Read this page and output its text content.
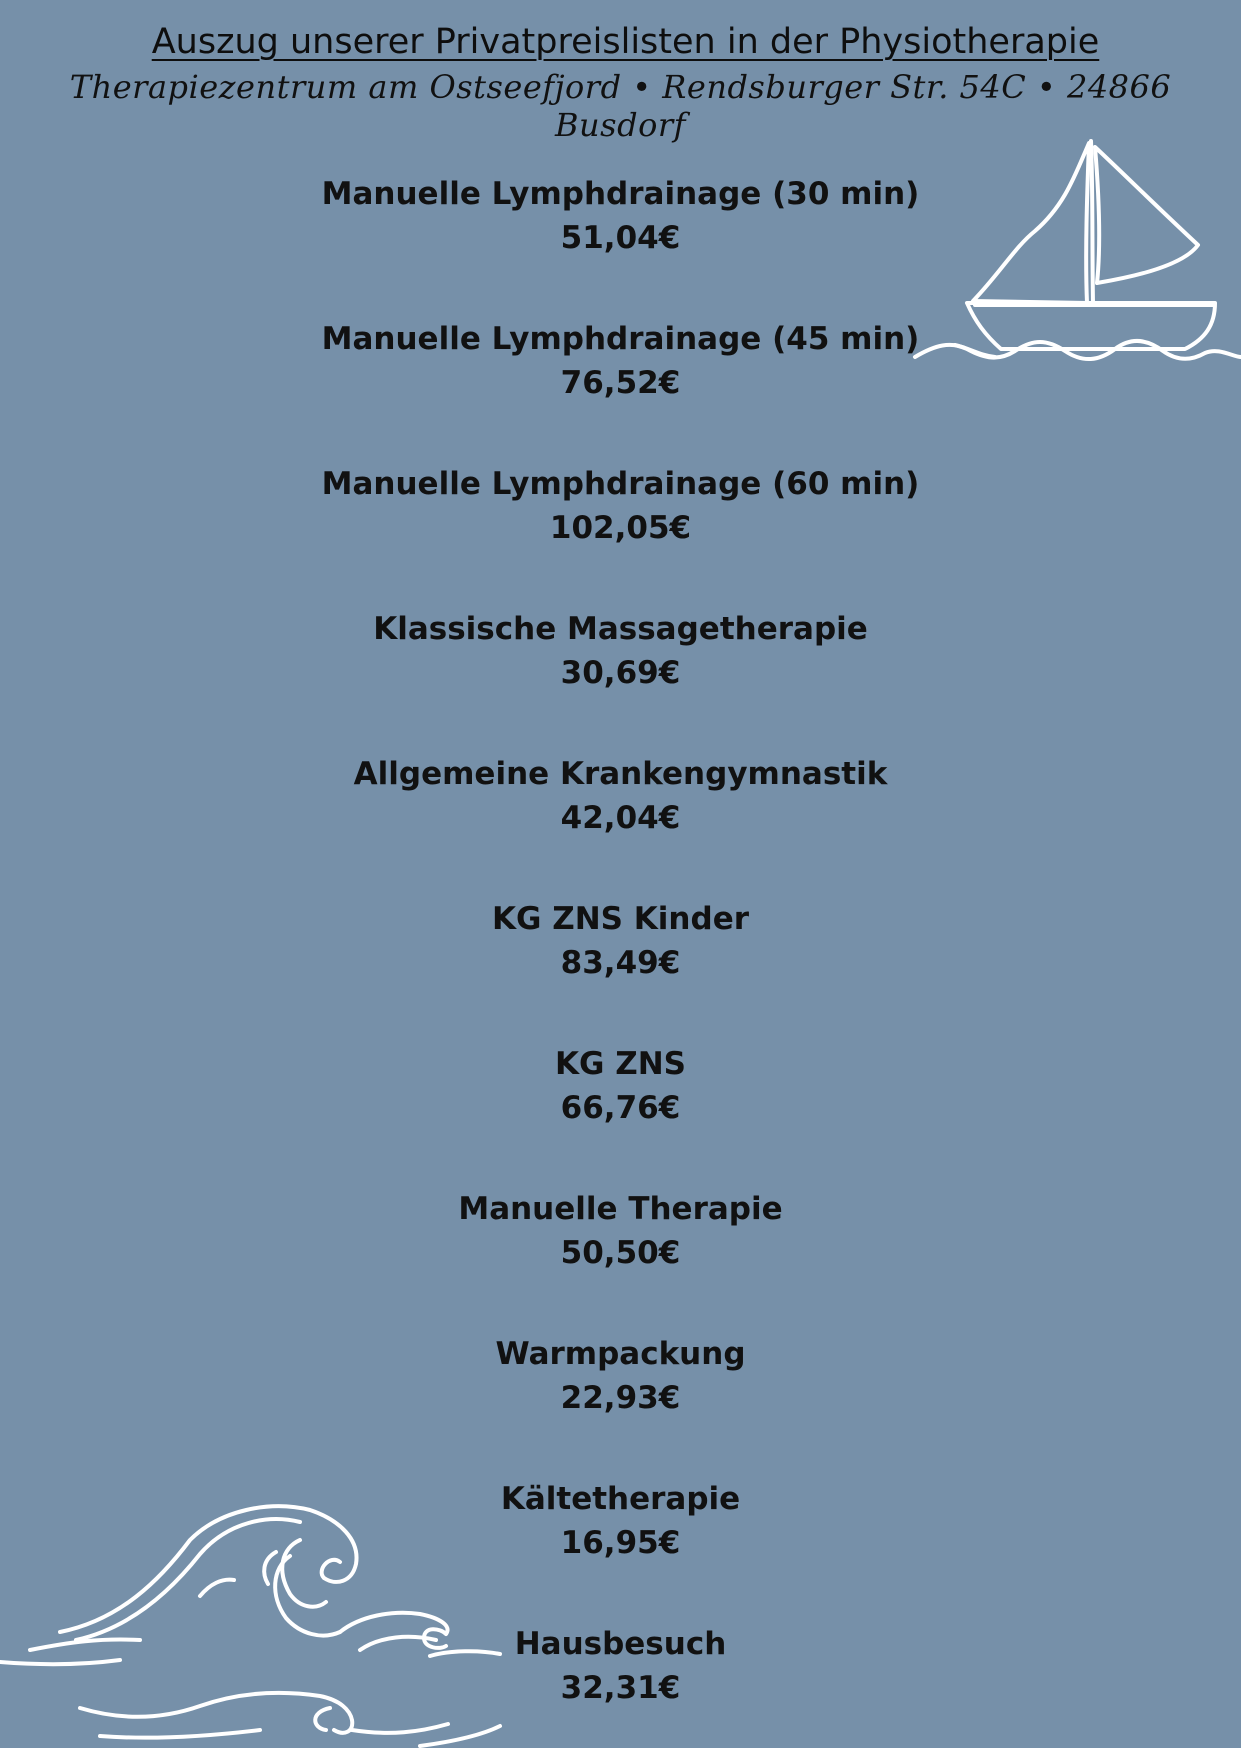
Auszug unserer Privatpreislisten in der Physiotherapie
Therapiezentrum am Ostseefjord • Rendsburger Str. 54C • 24866 Busdorf
Manuelle Lymphdrainage (30 min)
51,04€
Manuelle Lymphdrainage (45 min)
76,52€
Manuelle Lymphdrainage (60 min)
102,05€
Klassische Massagetherapie
30,69€
Allgemeine Krankengymnastik
42,04€
KG ZNS Kinder
83,49€
KG ZNS
66,76€
Manuelle Therapie
50,50€
Warmpackung
22,93€
Kältetherapie
16,95€
Hausbesuch
32,31€
